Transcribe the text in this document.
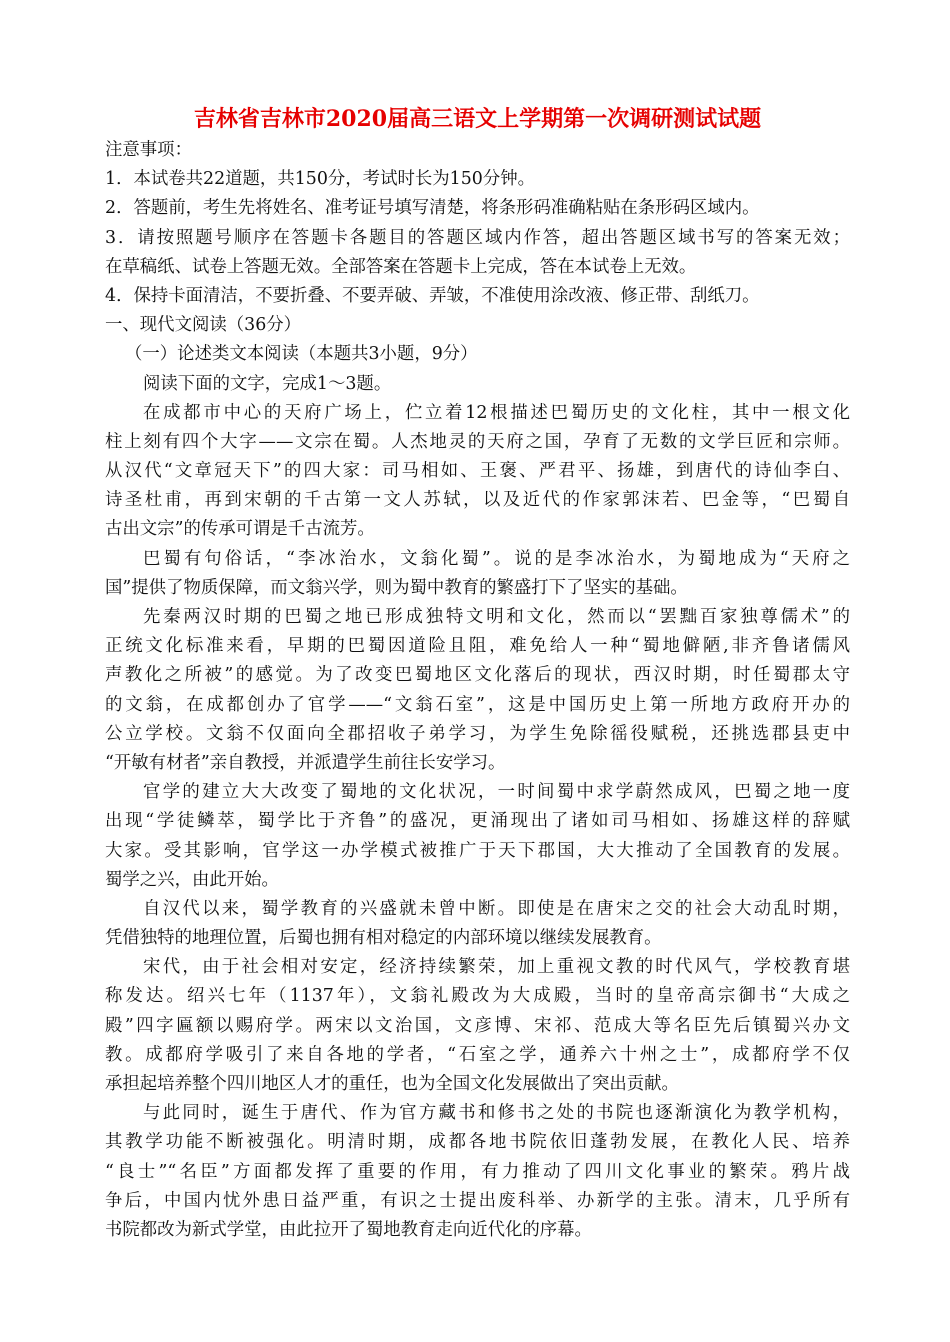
吉林省吉林市2020届高三语文上学期第一次调研测试试题
注意事项：
1．本试卷共22道题，共150分，考试时长为150分钟。
2．答题前，考生先将姓名、准考证号填写清楚，将条形码准确粘贴在条形码区域内。
3．请按照题号顺序在答题卡各题目的答题区域内作答，超出答题区域书写的答案无效；
在草稿纸、试卷上答题无效。全部答案在答题卡上完成，答在本试卷上无效。
4．保持卡面清洁，不要折叠、不要弄破、弄皱，不准使用涂改液、修正带、刮纸刀。
一、现代文阅读（36分）
（一）论述类文本阅读（本题共3小题，9分）
阅读下面的文字，完成1～3题。
在成都市中心的天府广场上，伫立着12根描述巴蜀历史的文化柱，其中一根文化
柱上刻有四个大字——文宗在蜀。人杰地灵的天府之国，孕育了无数的文学巨匠和宗师。
从汉代“文章冠天下”的四大家：司马相如、王褒、严君平、扬雄，到唐代的诗仙李白、
诗圣杜甫，再到宋朝的千古第一文人苏轼，以及近代的作家郭沫若、巴金等，“巴蜀自
古出文宗”的传承可谓是千古流芳。
巴蜀有句俗话，“李冰治水，文翁化蜀”。说的是李冰治水，为蜀地成为“天府之
国”提供了物质保障，而文翁兴学，则为蜀中教育的繁盛打下了坚实的基础。
先秦两汉时期的巴蜀之地已形成独特文明和文化，然而以“罢黜百家独尊儒术”的
正统文化标准来看，早期的巴蜀因道险且阻，难免给人一种“蜀地僻陋,非齐鲁诸儒风
声教化之所被”的感觉。为了改变巴蜀地区文化落后的现状，西汉时期，时任蜀郡太守
的文翁，在成都创办了官学——“文翁石室”，这是中国历史上第一所地方政府开办的
公立学校。文翁不仅面向全郡招收子弟学习，为学生免除徭役赋税，还挑选郡县吏中
“开敏有材者”亲自教授，并派遣学生前往长安学习。
官学的建立大大改变了蜀地的文化状况，一时间蜀中求学蔚然成风，巴蜀之地一度
出现“学徒鳞萃，蜀学比于齐鲁”的盛况，更涌现出了诸如司马相如、扬雄这样的辞赋
大家。受其影响，官学这一办学模式被推广于天下郡国，大大推动了全国教育的发展。
蜀学之兴，由此开始。
自汉代以来，蜀学教育的兴盛就未曾中断。即使是在唐宋之交的社会大动乱时期，
凭借独特的地理位置，后蜀也拥有相对稳定的内部环境以继续发展教育。
宋代，由于社会相对安定，经济持续繁荣，加上重视文教的时代风气，学校教育堪
称发达。绍兴七年（1137年），文翁礼殿改为大成殿，当时的皇帝高宗御书“大成之
殿”四字匾额以赐府学。两宋以文治国，文彦博、宋祁、范成大等名臣先后镇蜀兴办文
教。成都府学吸引了来自各地的学者，“石室之学，通养六十州之士”，成都府学不仅
承担起培养整个四川地区人才的重任，也为全国文化发展做出了突出贡献。
与此同时，诞生于唐代、作为官方藏书和修书之处的书院也逐渐演化为教学机构，
其教学功能不断被强化。明清时期，成都各地书院依旧蓬勃发展，在教化人民、培养
“良士”“名臣”方面都发挥了重要的作用，有力推动了四川文化事业的繁荣。鸦片战
争后，中国内忧外患日益严重，有识之士提出废科举、办新学的主张。清末，几乎所有
书院都改为新式学堂，由此拉开了蜀地教育走向近代化的序幕。
